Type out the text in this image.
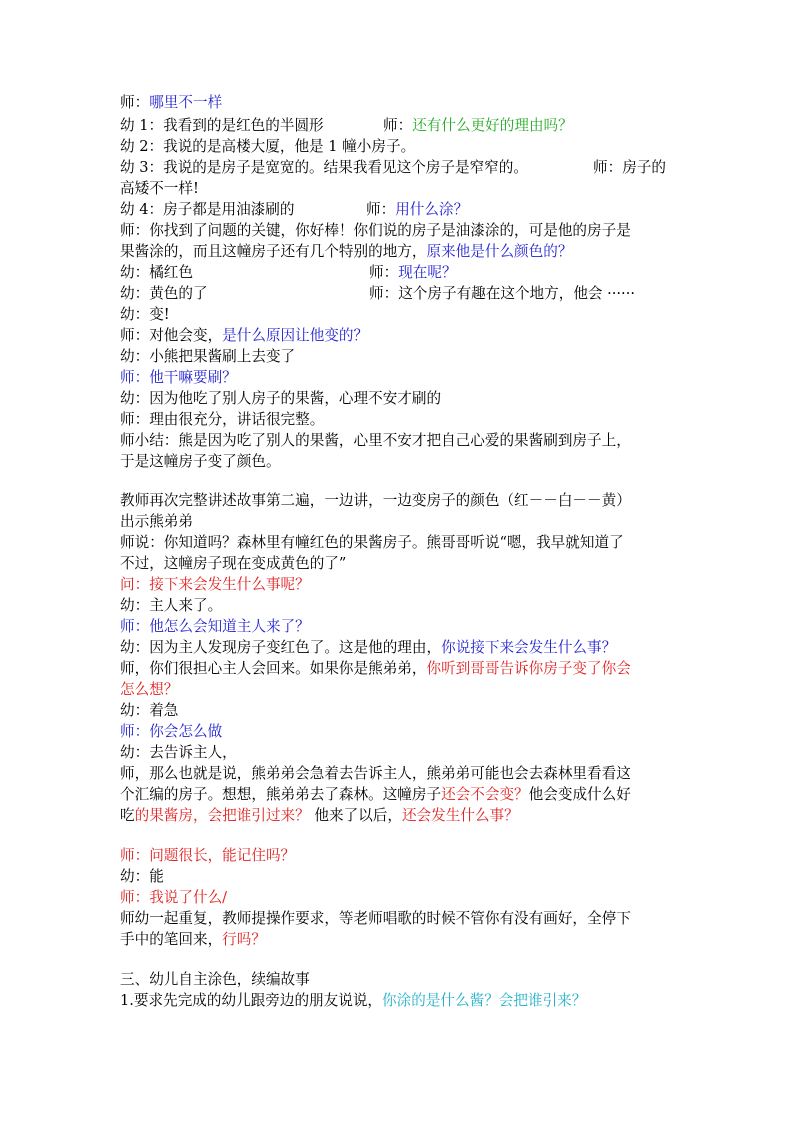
师：哪里不一样
幼 1：我看到的是红色的半圆形	师：还有什么更好的理由吗？
幼 2：我说的是高楼大厦，他是 1 幢小房子。
幼 3：我说的是房子是宽宽的。结果我看见这个房子是窄窄的。	师：房子的
高矮不一样!
幼 4：房子都是用油漆刷的	师：用什么涂？
师：你找到了问题的关键，你好棒！你们说的房子是油漆涂的，可是他的房子是
果酱涂的，而且这幢房子还有几个特别的地方，原来他是什么颜色的？
幼：橘红色	师：现在呢？
幼：黄色的了	师：这个房子有趣在这个地方，他会 ······
幼：变!
师：对他会变，是什么原因让他变的？
幼：小熊把果酱刷上去变了
师：他干嘛要刷？
幼：因为他吃了别人房子的果酱，心理不安才刷的
师：理由很充分，讲话很完整。
师小结：熊是因为吃了别人的果酱，心里不安才把自己心爱的果酱刷到房子上，
于是这幢房子变了颜色。
教师再次完整讲述故事第二遍，一边讲，一边变房子的颜色（红－－白－－黄）
出示熊弟弟
师说：你知道吗？森林里有幢红色的果酱房子。熊哥哥听说“嗯，我早就知道了
不过，这幢房子现在变成黄色的了”
问：接下来会发生什么事呢？
幼：主人来了。
师：他怎么会知道主人来了？
幼：因为主人发现房子变红色了。这是他的理由，你说接下来会发生什么事？
师，你们很担心主人会回来。如果你是熊弟弟，你听到哥哥告诉你房子变了你会
怎么想？
幼：着急
师：你会怎么做
幼：去告诉主人，
师，那么也就是说，熊弟弟会急着去告诉主人，熊弟弟可能也会去森林里看看这
个汇编的房子。想想，熊弟弟去了森林。这幢房子还会不会变？他会变成什么好
吃的果酱房，会把谁引过来？ 他来了以后，还会发生什么事？
师：问题很长，能记住吗？
幼：能
师：我说了什么/
师幼一起重复，教师提操作要求，等老师唱歌的时候不管你有没有画好，全停下
手中的笔回来，行吗？
三、幼儿自主涂色，续编故事
1.要求先完成的幼儿跟旁边的朋友说说，你涂的是什么酱？会把谁引来？
